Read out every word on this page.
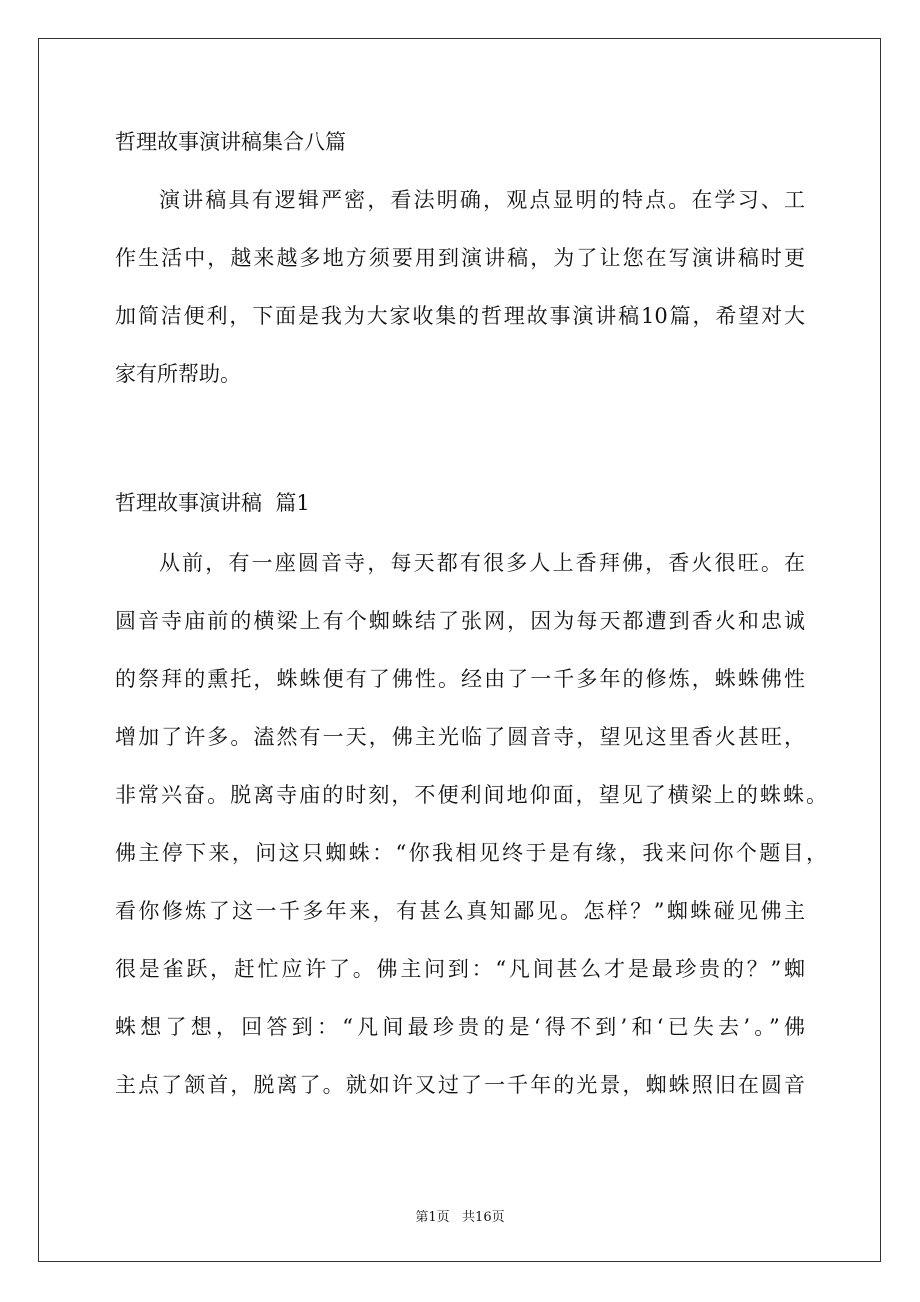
哲理故事演讲稿集合八篇
演讲稿具有逻辑严密，看法明确，观点显明的特点。在学习、工
作生活中，越来越多地方须要用到演讲稿，为了让您在写演讲稿时更
加简洁便利，下面是我为大家收集的哲理故事演讲稿10篇，希望对大
家有所帮助。
哲理故事演讲稿  篇1
从前，有一座圆音寺，每天都有很多人上香拜佛，香火很旺。在
圆音寺庙前的横梁上有个蜘蛛结了张网，因为每天都遭到香火和忠诚
的祭拜的熏托，蛛蛛便有了佛性。经由了一千多年的修炼，蛛蛛佛性
增加了许多。溘然有一天，佛主光临了圆音寺，望见这里香火甚旺，
非常兴奋。脱离寺庙的时刻，不便利间地仰面，望见了横梁上的蛛蛛。
佛主停下来，问这只蜘蛛：“你我相见终于是有缘，我来问你个题目，
看你修炼了这一千多年来，有甚么真知鄙见。怎样？”蜘蛛碰见佛主
很是雀跃，赶忙应许了。佛主问到：“凡间甚么才是最珍贵的？”蜘
蛛想了想，回答到：“凡间最珍贵的是‘得不到’和‘已失去’。”佛
主点了颔首，脱离了。就如许又过了一千年的光景，蜘蛛照旧在圆音
第1页   共16页
